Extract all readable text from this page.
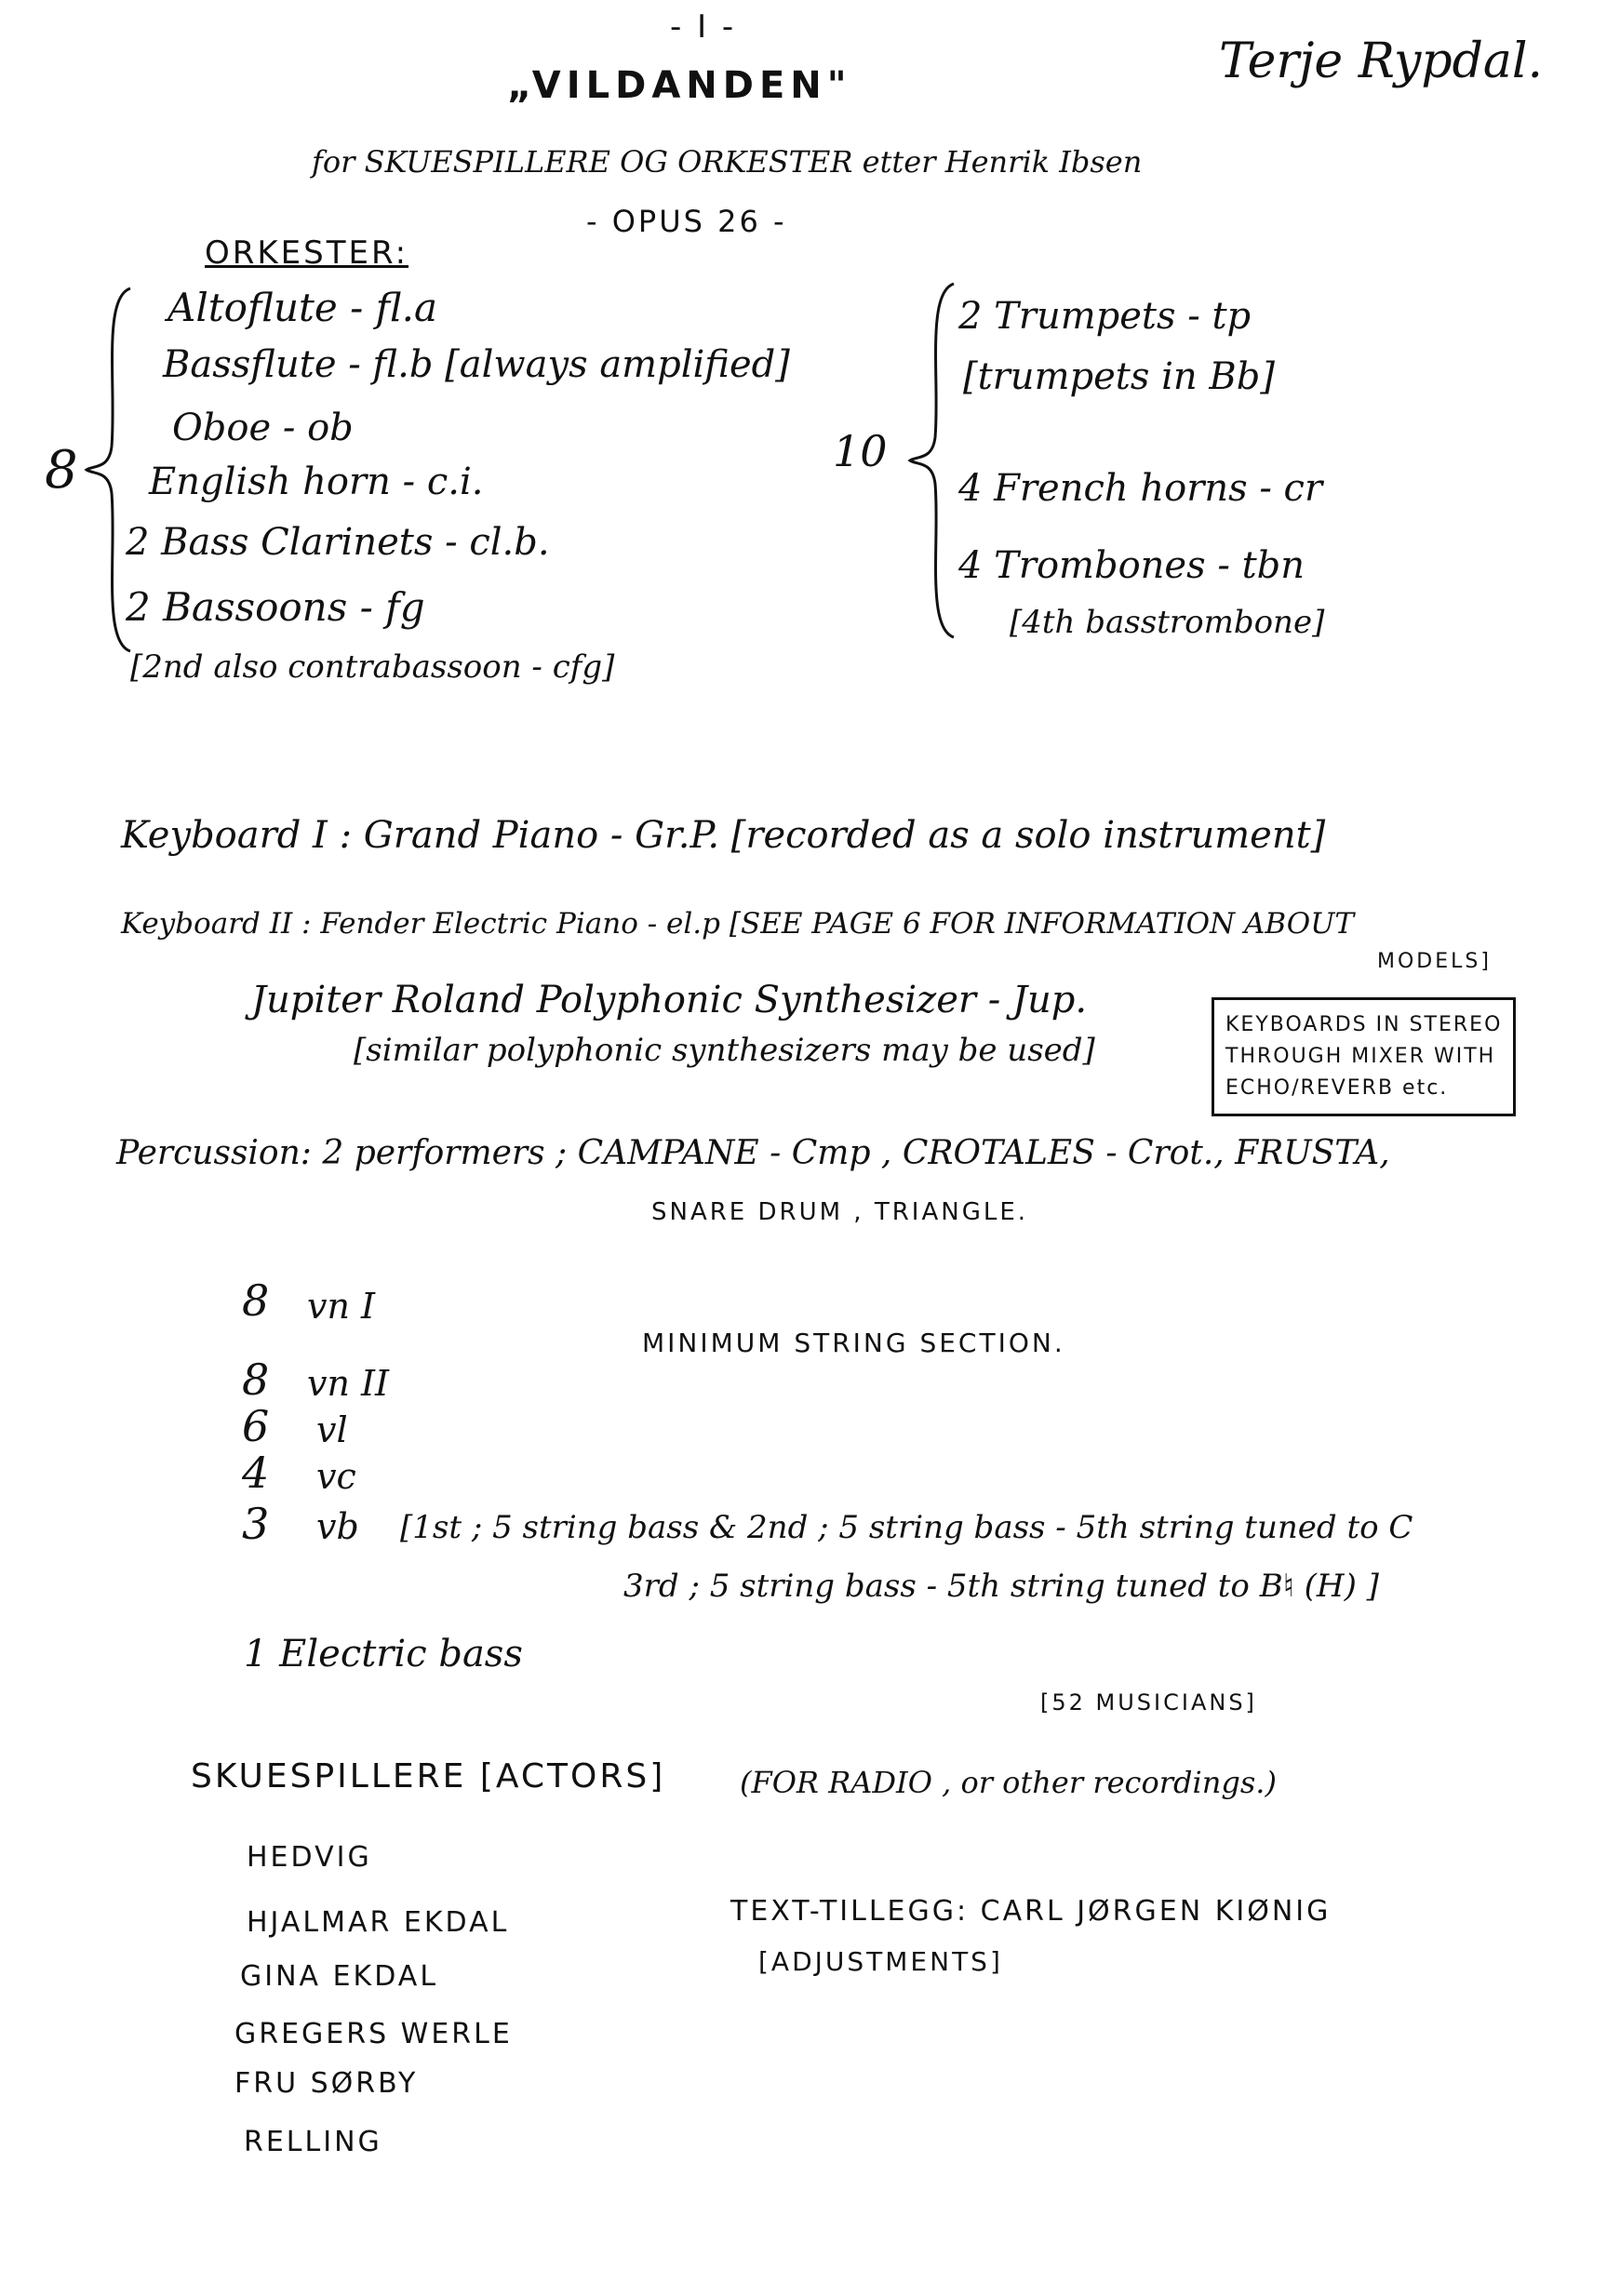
- I -
„VILDANDEN"	Terje Rypdal.
for SKUESPILLERE OG ORKESTER etter Henrik Ibsen
- OPUS 26 -
ORKESTER:
8
Altoflute - fl.a
Bassflute - fl.b [always amplified]
Oboe - ob
English horn - c.i.
2 Bass Clarinets - cl.b.
2 Bassoons - fg
[2nd also contrabassoon - cfg]
10
2 Trumpets - tp
[trumpets in Bb]
4 French horns - cr
4 Trombones - tbn
[4th basstrombone]
Keyboard I : Grand Piano - Gr.P. [recorded as a solo instrument]
Keyboard II : Fender Electric Piano - el.p [SEE PAGE 6 FOR INFORMATION ABOUT
MODELS]
Jupiter Roland Polyphonic Synthesizer - Jup.
[similar polyphonic synthesizers may be used]
KEYBOARDS IN STEREO
THROUGH MIXER WITH
ECHO/REVERB etc.
Percussion: 2 performers ; CAMPANE - Cmp , CROTALES - Crot., FRUSTA,
SNARE DRUM , TRIANGLE.
MINIMUM STRING SECTION.
8 vn I
8 vn II
6 vl
4 vc
3 vb [1st ; 5 string bass & 2nd ; 5 string bass - 5th string tuned to C
3rd ; 5 string bass - 5th string tuned to B♮ (H) ]
1 Electric bass
[52 MUSICIANS]
SKUESPILLERE [ACTORS] (FOR RADIO , or other recordings.)
HEDVIG
HJALMAR EKDAL
GINA EKDAL
GREGERS WERLE
FRU SØRBY
RELLING
TEXT-TILLEGG: CARL JØRGEN KIØNIG
[ADJUSTMENTS]
